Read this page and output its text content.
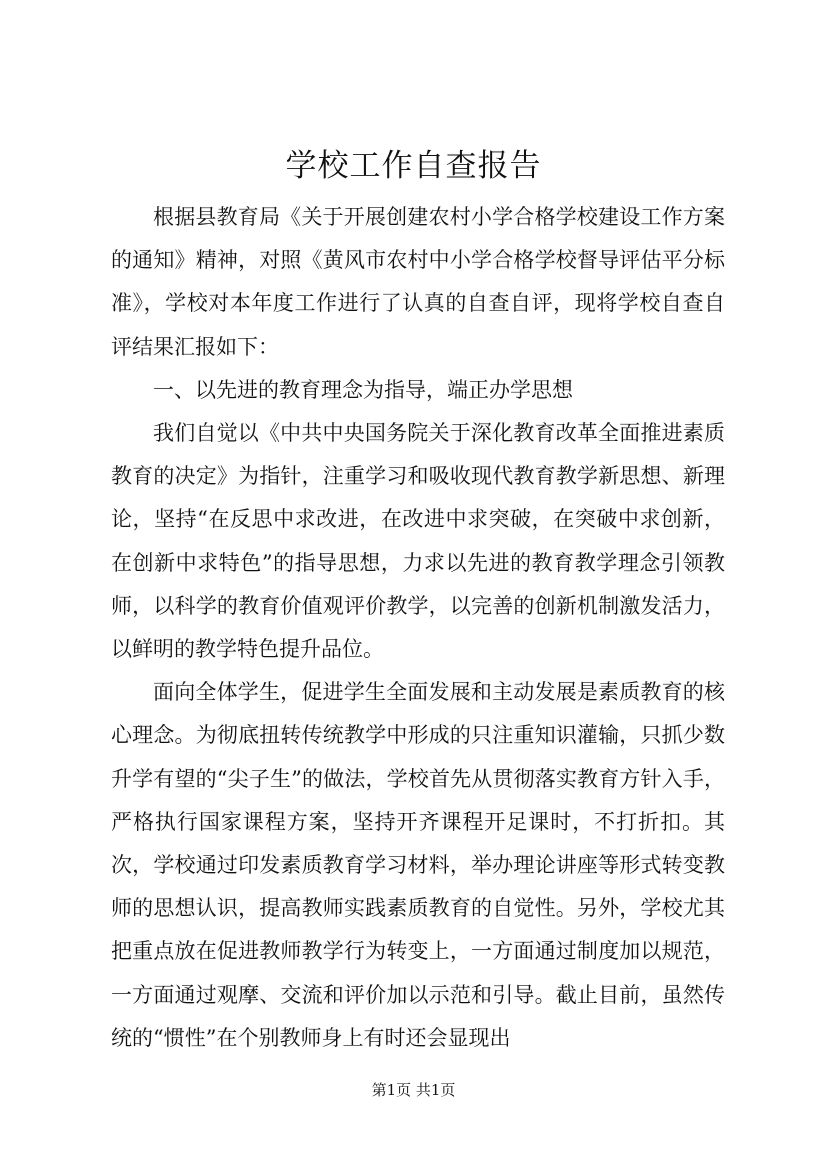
学校工作自查报告

根据县教育局《关于开展创建农村小学合格学校建设工作方案的通知》精神，对照《黄风市农村中小学合格学校督导评估平分标准》，学校对本年度工作进行了认真的自查自评，现将学校自查自评结果汇报如下：

一、以先进的教育理念为指导，端正办学思想

我们自觉以《中共中央国务院关于深化教育改革全面推进素质教育的决定》为指针，注重学习和吸收现代教育教学新思想、新理论，坚持“在反思中求改进，在改进中求突破，在突破中求创新，在创新中求特色”的指导思想，力求以先进的教育教学理念引领教师，以科学的教育价值观评价教学，以完善的创新机制激发活力，以鲜明的教学特色提升品位。

面向全体学生，促进学生全面发展和主动发展是素质教育的核心理念。为彻底扭转传统教学中形成的只注重知识灌输，只抓少数升学有望的“尖子生”的做法，学校首先从贯彻落实教育方针入手，严格执行国家课程方案，坚持开齐课程开足课时，不打折扣。其次，学校通过印发素质教育学习材料，举办理论讲座等形式转变教师的思想认识，提高教师实践素质教育的自觉性。另外，学校尤其把重点放在促进教师教学行为转变上，一方面通过制度加以规范，一方面通过观摩、交流和评价加以示范和引导。截止目前，虽然传统的“惯性”在个别教师身上有时还会显现出

第1页 共1页
